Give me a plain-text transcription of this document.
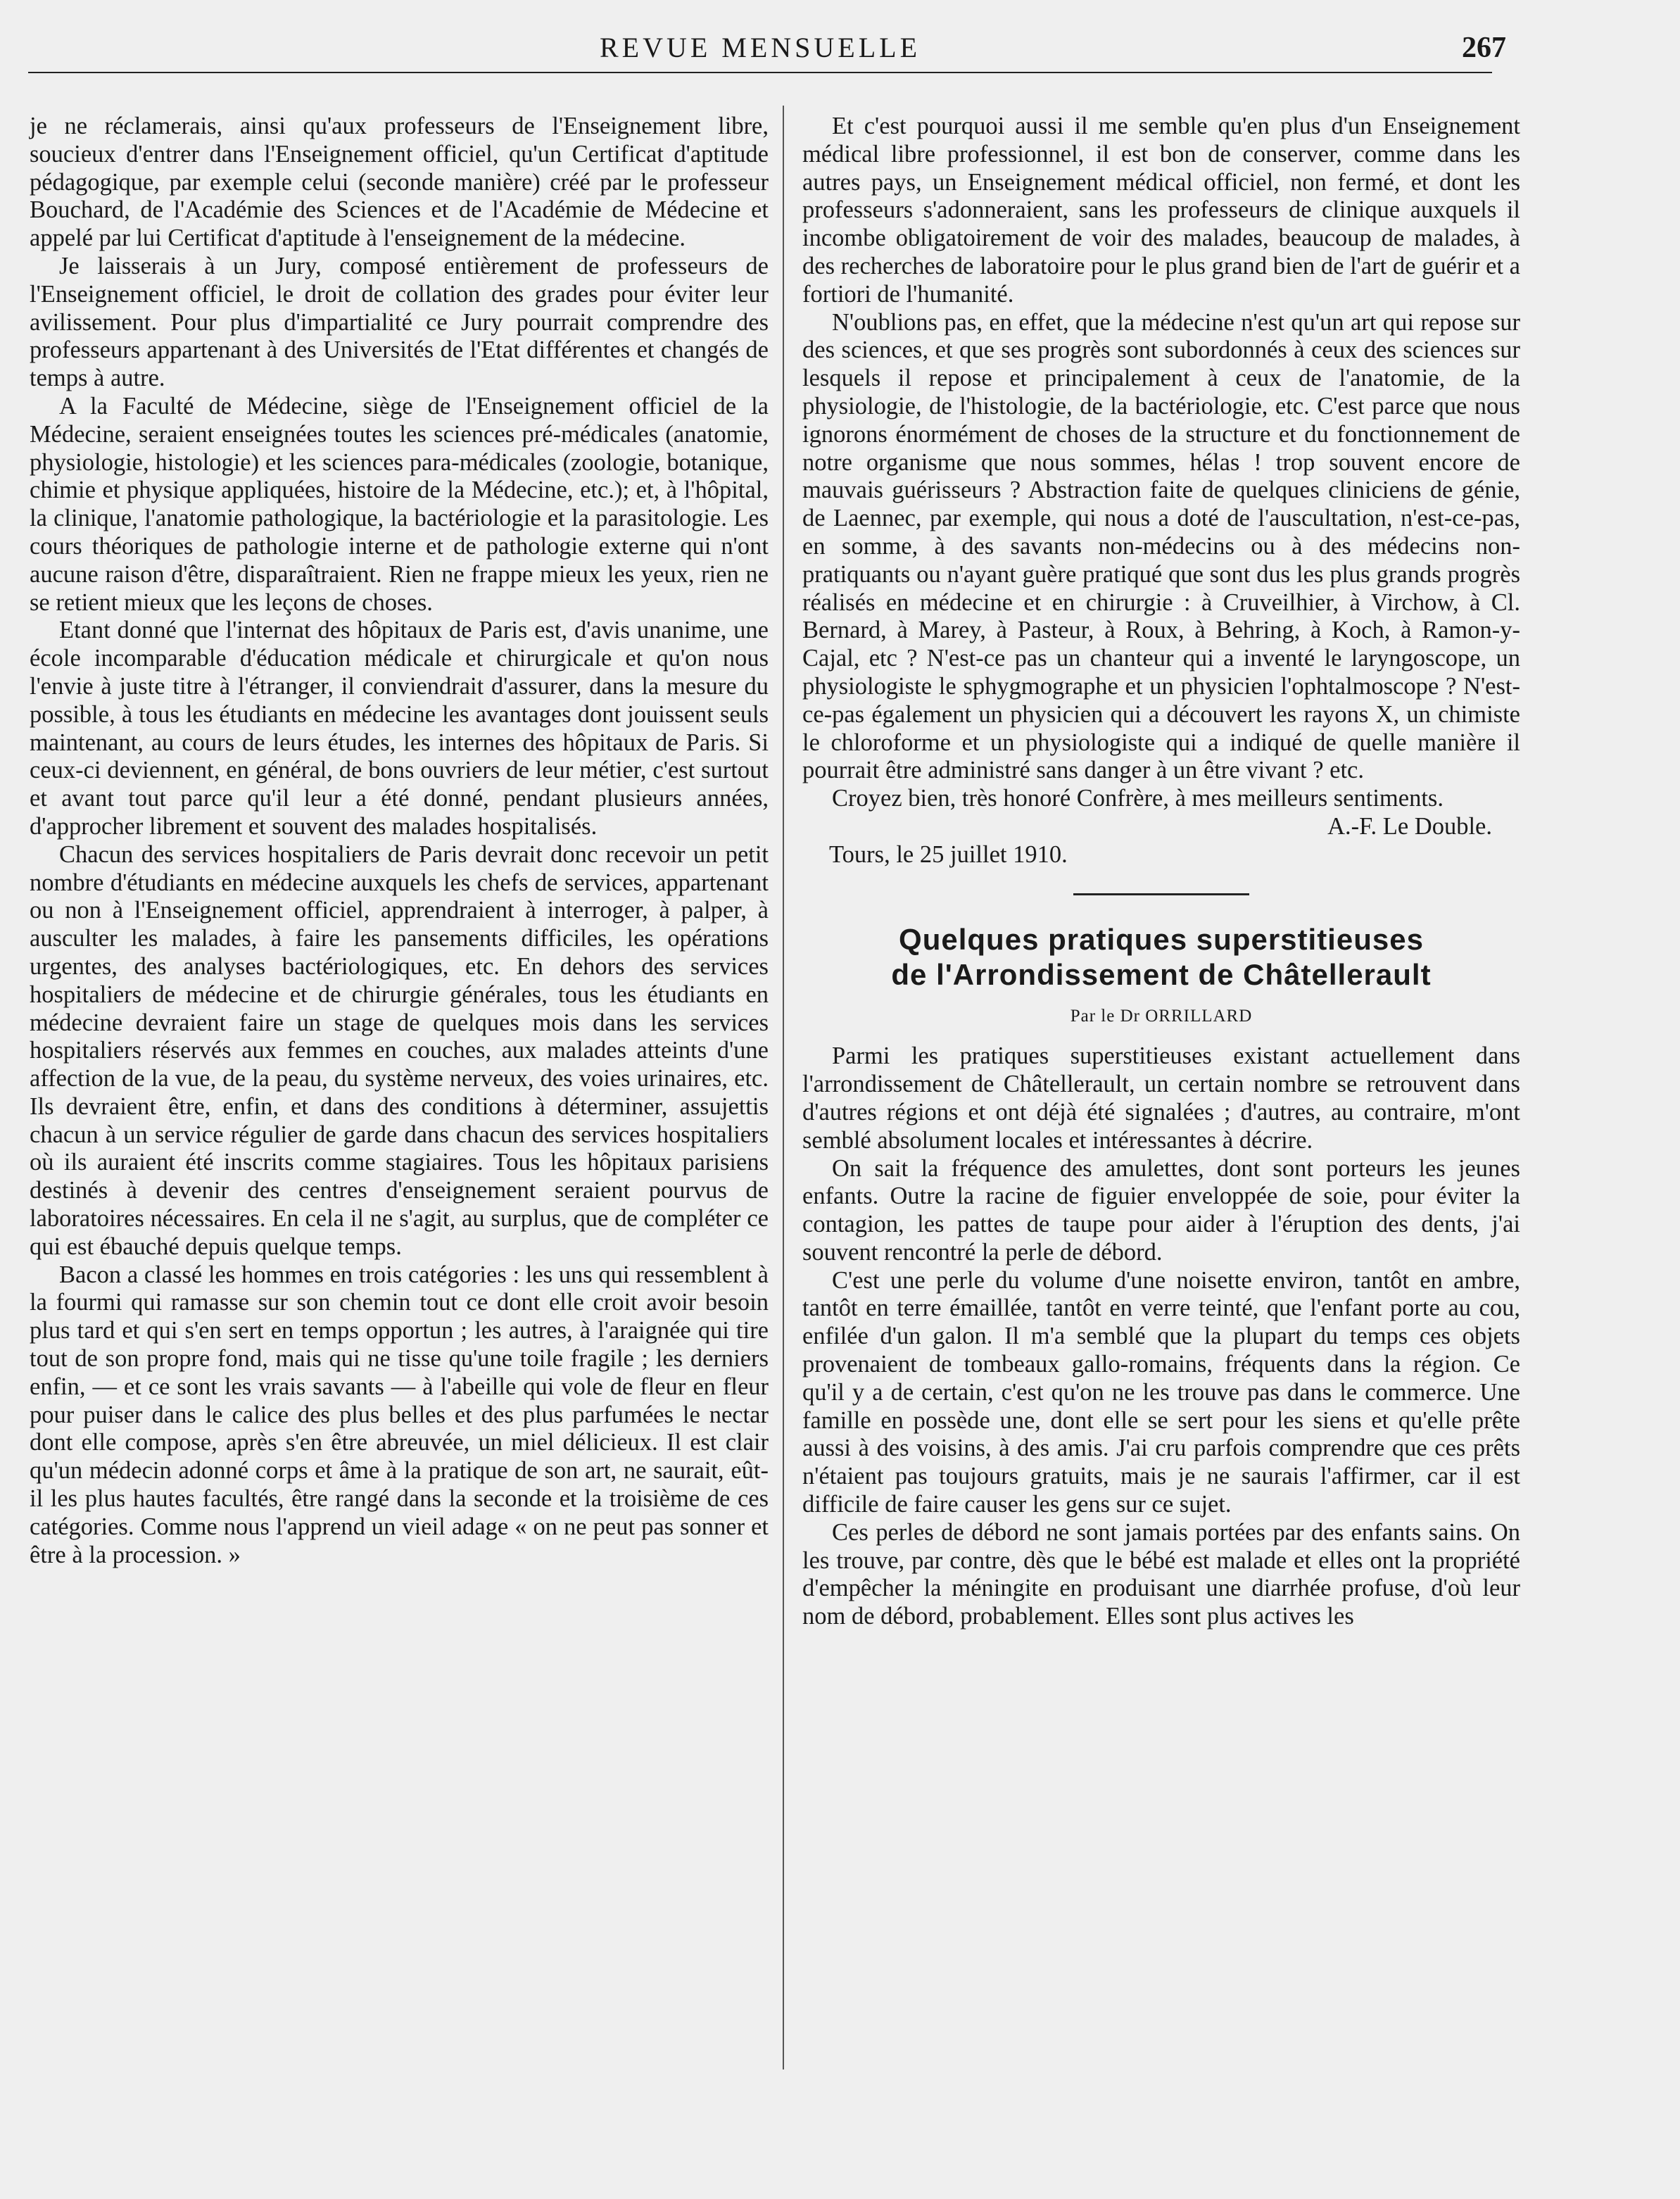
REVUE MENSUELLE	267

je ne réclamerais, ainsi qu'aux professeurs de l'Enseignement libre, soucieux d'entrer dans l'Enseignement officiel, qu'un Certificat d'aptitude pédagogique, par exemple celui (seconde manière) créé par le professeur Bouchard, de l'Académie des Sciences et de l'Académie de Médecine et appelé par lui Certificat d'aptitude à l'enseignement de la médecine.

Je laisserais à un Jury, composé entièrement de professeurs de l'Enseignement officiel, le droit de collation des grades pour éviter leur avilissement. Pour plus d'impartialité ce Jury pourrait comprendre des professeurs appartenant à des Universités de l'Etat différentes et changés de temps à autre.

A la Faculté de Médecine, siège de l'Enseignement officiel de la Médecine, seraient enseignées toutes les sciences pré-médicales (anatomie, physiologie, histologie) et les sciences para-médicales (zoologie, botanique, chimie et physique appliquées, histoire de la Médecine, etc.); et, à l'hôpital, la clinique, l'anatomie pathologique, la bactériologie et la parasitologie. Les cours théoriques de pathologie interne et de pathologie externe qui n'ont aucune raison d'être, disparaîtraient. Rien ne frappe mieux les yeux, rien ne se retient mieux que les leçons de choses.

Etant donné que l'internat des hôpitaux de Paris est, d'avis unanime, une école incomparable d'éducation médicale et chirurgicale et qu'on nous l'envie à juste titre à l'étranger, il conviendrait d'assurer, dans la mesure du possible, à tous les étudiants en médecine les avantages dont jouissent seuls maintenant, au cours de leurs études, les internes des hôpitaux de Paris. Si ceux-ci deviennent, en général, de bons ouvriers de leur métier, c'est surtout et avant tout parce qu'il leur a été donné, pendant plusieurs années, d'approcher librement et souvent des malades hospitalisés.

Chacun des services hospitaliers de Paris devrait donc recevoir un petit nombre d'étudiants en médecine auxquels les chefs de services, appartenant ou non à l'Enseignement officiel, apprendraient à interroger, à palper, à ausculter les malades, à faire les pansements difficiles, les opérations urgentes, des analyses bactériologiques, etc. En dehors des services hospitaliers de médecine et de chirurgie générales, tous les étudiants en médecine devraient faire un stage de quelques mois dans les services hospitaliers réservés aux femmes en couches, aux malades atteints d'une affection de la vue, de la peau, du système nerveux, des voies urinaires, etc. Ils devraient être, enfin, et dans des conditions à déterminer, assujettis chacun à un service régulier de garde dans chacun des services hospitaliers où ils auraient été inscrits comme stagiaires. Tous les hôpitaux parisiens destinés à devenir des centres d'enseignement seraient pourvus de laboratoires nécessaires. En cela il ne s'agit, au surplus, que de compléter ce qui est ébauché depuis quelque temps.

Bacon a classé les hommes en trois catégories : les uns qui ressemblent à la fourmi qui ramasse sur son chemin tout ce dont elle croit avoir besoin plus tard et qui s'en sert en temps opportun ; les autres, à l'araignée qui tire tout de son propre fond, mais qui ne tisse qu'une toile fragile ; les derniers enfin, — et ce sont les vrais savants — à l'abeille qui vole de fleur en fleur pour puiser dans le calice des plus belles et des plus parfumées le nectar dont elle compose, après s'en être abreuvée, un miel délicieux. Il est clair qu'un médecin adonné corps et âme à la pratique de son art, ne saurait, eût-il les plus hautes facultés, être rangé dans la seconde et la troisième de ces catégories. Comme nous l'apprend un vieil adage « on ne peut pas sonner et être à la procession. »

Et c'est pourquoi aussi il me semble qu'en plus d'un Enseignement médical libre professionnel, il est bon de conserver, comme dans les autres pays, un Enseignement médical officiel, non fermé, et dont les professeurs s'adonneraient, sans les professeurs de clinique auxquels il incombe obligatoirement de voir des malades, beaucoup de malades, à des recherches de laboratoire pour le plus grand bien de l'art de guérir et a fortiori de l'humanité.

N'oublions pas, en effet, que la médecine n'est qu'un art qui repose sur des sciences, et que ses progrès sont subordonnés à ceux des sciences sur lesquels il repose et principalement à ceux de l'anatomie, de la physiologie, de l'histologie, de la bactériologie, etc. C'est parce que nous ignorons énormément de choses de la structure et du fonctionnement de notre organisme que nous sommes, hélas ! trop souvent encore de mauvais guérisseurs ? Abstraction faite de quelques cliniciens de génie, de Laennec, par exemple, qui nous a doté de l'auscultation, n'est-ce-pas, en somme, à des savants non-médecins ou à des médecins non-pratiquants ou n'ayant guère pratiqué que sont dus les plus grands progrès réalisés en médecine et en chirurgie : à Cruveilhier, à Virchow, à Cl. Bernard, à Marey, à Pasteur, à Roux, à Behring, à Koch, à Ramon-y-Cajal, etc ? N'est-ce pas un chanteur qui a inventé le laryngoscope, un physiologiste le sphygmographe et un physicien l'ophtalmoscope ? N'est-ce-pas également un physicien qui a découvert les rayons X, un chimiste le chloroforme et un physiologiste qui a indiqué de quelle manière il pourrait être administré sans danger à un être vivant ? etc.

Croyez bien, très honoré Confrère, à mes meilleurs sentiments.

A.-F. Le Double.

Tours, le 25 juillet 1910.

Quelques pratiques superstitieuses
de l'Arrondissement de Châtellerault

Par le Dr ORRILLARD

Parmi les pratiques superstitieuses existant actuellement dans l'arrondissement de Châtellerault, un certain nombre se retrouvent dans d'autres régions et ont déjà été signalées ; d'autres, au contraire, m'ont semblé absolument locales et intéressantes à décrire.

On sait la fréquence des amulettes, dont sont porteurs les jeunes enfants. Outre la racine de figuier enveloppée de soie, pour éviter la contagion, les pattes de taupe pour aider à l'éruption des dents, j'ai souvent rencontré la perle de débord.

C'est une perle du volume d'une noisette environ, tantôt en ambre, tantôt en terre émaillée, tantôt en verre teinté, que l'enfant porte au cou, enfilée d'un galon. Il m'a semblé que la plupart du temps ces objets provenaient de tombeaux gallo-romains, fréquents dans la région. Ce qu'il y a de certain, c'est qu'on ne les trouve pas dans le commerce. Une famille en possède une, dont elle se sert pour les siens et qu'elle prête aussi à des voisins, à des amis. J'ai cru parfois comprendre que ces prêts n'étaient pas toujours gratuits, mais je ne saurais l'affirmer, car il est difficile de faire causer les gens sur ce sujet.

Ces perles de débord ne sont jamais portées par des enfants sains. On les trouve, par contre, dès que le bébé est malade et elles ont la propriété d'empêcher la méningite en produisant une diarrhée profuse, d'où leur nom de débord, probablement. Elles sont plus actives les
